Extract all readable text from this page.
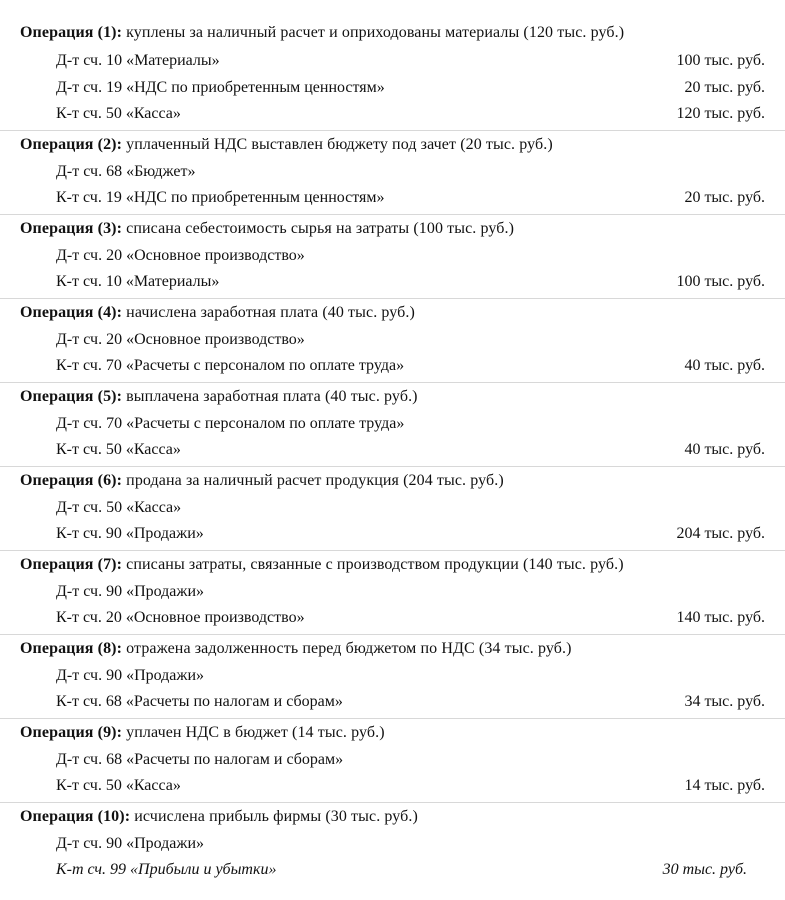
Операция (1): куплены за наличный расчет и оприходованы материалы (120 тыс. руб.)
Д-т сч. 10 «Материалы»	100 тыс. руб.
Д-т сч. 19 «НДС по приобретенным ценностям»	20 тыс. руб.
К-т сч. 50 «Касса»	120 тыс. руб.
Операция (2): уплаченный НДС выставлен бюджету под зачет (20 тыс. руб.)
Д-т сч. 68 «Бюджет»
К-т сч. 19 «НДС по приобретенным ценностям»	20 тыс. руб.
Операция (3): списана себестоимость сырья на затраты (100 тыс. руб.)
Д-т сч. 20 «Основное производство»
К-т сч. 10 «Материалы»	100 тыс. руб.
Операция (4): начислена заработная плата (40 тыс. руб.)
Д-т сч. 20 «Основное производство»
К-т сч. 70 «Расчеты с персоналом по оплате труда»	40 тыс. руб.
Операция (5): выплачена заработная плата (40 тыс. руб.)
Д-т сч. 70 «Расчеты с персоналом по оплате труда»
К-т сч. 50 «Касса»	40 тыс. руб.
Операция (6): продана за наличный расчет продукция (204 тыс. руб.)
Д-т сч. 50 «Касса»
К-т сч. 90 «Продажи»	204 тыс. руб.
Операция (7): списаны затраты, связанные с производством продукции (140 тыс. руб.)
Д-т сч. 90 «Продажи»
К-т сч. 20 «Основное производство»	140 тыс. руб.
Операция (8): отражена задолженность перед бюджетом по НДС (34 тыс. руб.)
Д-т сч. 90 «Продажи»
К-т сч. 68 «Расчеты по налогам и сборам»	34 тыс. руб.
Операция (9): уплачен НДС в бюджет (14 тыс. руб.)
Д-т сч. 68 «Расчеты по налогам и сборам»
К-т сч. 50 «Касса»	14 тыс. руб.
Операция (10): исчислена прибыль фирмы (30 тыс. руб.)
Д-т сч. 90 «Продажи»
К-т сч. 99 «Прибыли и убытки»	30 тыс. руб.
